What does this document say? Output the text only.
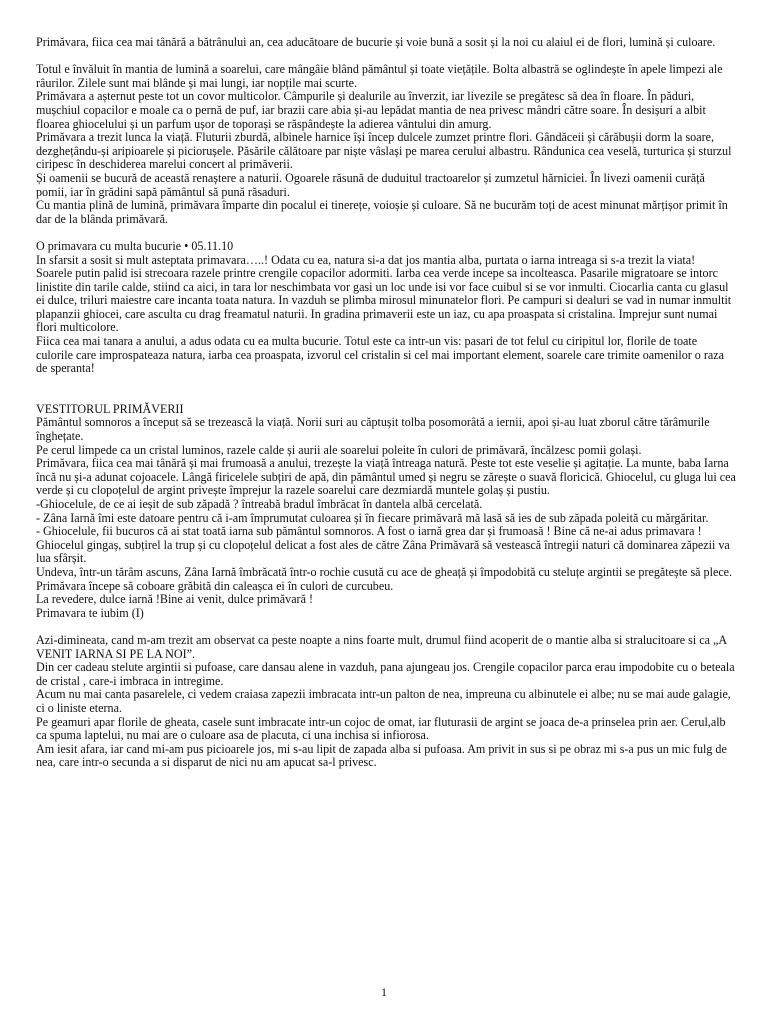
Primăvara, fiica cea mai tânără a bătrânului an, cea aducătoare de bucurie și voie bună a sosit și la noi cu alaiul ei de flori, lumină și culoare.

Totul e învăluit în mantia de lumină a soarelui, care mângâie blând pământul și toate viețățile. Bolta albastră se oglindește în apele limpezi ale râurilor. Zilele sunt mai blânde și mai lungi, iar nopțile mai scurte.

Primăvara a așternut peste tot un covor multicolor. Câmpurile și dealurile au înverzit, iar livezile se pregătesc să dea în floare. În păduri, mușchiul copacilor e moale ca o pernă de puf, iar brazii care abia și-au lepădat mantia de nea privesc mândri către soare. În desișuri a albit floarea ghiocelului și un parfum ușor de toporași se răspândește la adierea vântului din amurg.

Primăvara a trezit lunca la viață. Fluturii zburdă, albinele harnice își încep dulcele zumzet printre flori. Gândăceii și cărăbușii dorm la soare, dezghețându-și aripioarele și piciorușele. Păsările călătoare par niște vâslași pe marea cerului albastru. Rândunica cea veselă, turturica și sturzul ciripesc în deschiderea marelui concert al primăverii.

Și oamenii se bucură de această renaștere a naturii. Ogoarele răsună de duduitul tractoarelor și zumzetul hărniciei. În livezi oamenii curăță pomii, iar în grădini sapă pământul să pună răsaduri.

Cu mantia plină de lumină, primăvara împarte din pocalul ei tinerețe, voioșie și culoare. Să ne bucurăm toți de acest minunat mărțișor primit în dar de la blânda primăvară.

O primavara cu multa bucurie • 05.11.10

In sfarsit a sosit si mult asteptata primavara…..! Odata cu ea, natura si-a dat jos mantia alba, purtata o iarna intreaga si s-a trezit la viata!

Soarele putin palid isi strecoara razele printre crengile copacilor adormiti. Iarba cea verde incepe sa incolteasca. Pasarile migratoare se intorc linistite din tarile calde, stiind ca aici, in tara lor neschimbata vor gasi un loc unde isi vor face cuibul si se vor inmulti. Ciocarlia canta cu glasul ei dulce, triluri maiestre care incanta toata natura. In vazduh se plimba mirosul minunatelor flori. Pe campuri si dealuri se vad in numar inmultit plapanzii ghiocei, care asculta cu drag freamatul naturii. In gradina primaverii este un iaz, cu apa proaspata si cristalina. Imprejur sunt numai flori multicolore.

Fiica cea mai tanara a anului, a adus odata cu ea multa bucurie. Totul este ca intr-un vis: pasari de tot felul cu ciripitul lor, florile de toate culorile care improspateaza natura, iarba cea proaspata, izvorul cel cristalin si cel mai important element, soarele care trimite oamenilor o raza de speranta!

VESTITORUL PRIMĂVERII

Pământul somnoros a început să se trezească la viață. Norii suri au căptușit tolba posomorâtă a iernii, apoi și-au luat zborul către tărâmurile înghețate.

Pe cerul limpede ca un cristal luminos, razele calde și aurii ale soarelui poleite în culori de primăvară, încălzesc pomii golași.

Primăvara, fiica cea mai tânără și mai frumoasă a anului, trezește la viață întreaga natură. Peste tot este veselie și agitație. La munte, baba Iarna încă nu și-a adunat cojoacele. Lângă firicelele subțiri de apă, din pământul umed și negru se zărește o suavă floricică. Ghiocelul, cu gluga lui cea verde și cu clopoțelul de argint privește împrejur la razele soarelui care dezmiardă muntele golaș și pustiu.

-Ghiocelule, de ce ai ieșit de sub zăpadă ? întreabă bradul îmbrăcat în dantela albă cercelată.

- Zâna Iarnă îmi este datoare pentru că i-am împrumutat culoarea și în fiecare primăvară mă lasă să ies de sub zăpada poleită cu mărgăritar.

- Ghiocelule, fii bucuros că ai stat toată iarna sub pământul somnoros. A fost o iarnă grea dar și frumoasă ! Bine că ne-ai adus primavara !

Ghiocelul gingaș, subțirel la trup și cu clopoțelul delicat a fost ales de către Zâna Primăvară să vestească întregii naturi că dominarea zăpezii va lua sfârșit.

Undeva, într-un tărâm ascuns, Zâna Iarnă îmbrăcată într-o rochie cusută cu ace de gheață și împodobită cu steluțe argintii se pregătește să plece. Primăvara începe să coboare grăbită din caleașca ei în culori de curcubeu.

La revedere, dulce iarnă !Bine ai venit, dulce primăvară !

Primavara te iubim (I)

Azi-dimineata, cand m-am trezit am observat ca peste noapte a nins foarte mult, drumul fiind acoperit de o mantie alba si stralucitoare si ca „A VENIT IARNA SI PE LA NOI”.

Din cer cadeau stelute argintii si pufoase, care dansau alene in vazduh, pana ajungeau jos. Crengile copacilor parca erau impodobite cu o beteala de cristal , care-i imbraca in intregime.

Acum nu mai canta pasarelele, ci vedem craiasa zapezii imbracata intr-un palton de nea, impreuna cu albinutele ei albe; nu se mai aude galagie, ci o liniste eterna.

Pe geamuri apar florile de gheata, casele sunt imbracate intr-un cojoc de omat, iar fluturasii de argint se joaca de-a prinselea prin aer. Cerul,alb ca spuma laptelui, nu mai are o culoare asa de placuta, ci una inchisa si infiorosa.

Am iesit afara, iar cand mi-am pus picioarele jos, mi s-au lipit de zapada alba si pufoasa. Am privit in sus si pe obraz mi s-a pus un mic fulg de nea, care intr-o secunda a si disparut de nici nu am apucat sa-l privesc.

1
